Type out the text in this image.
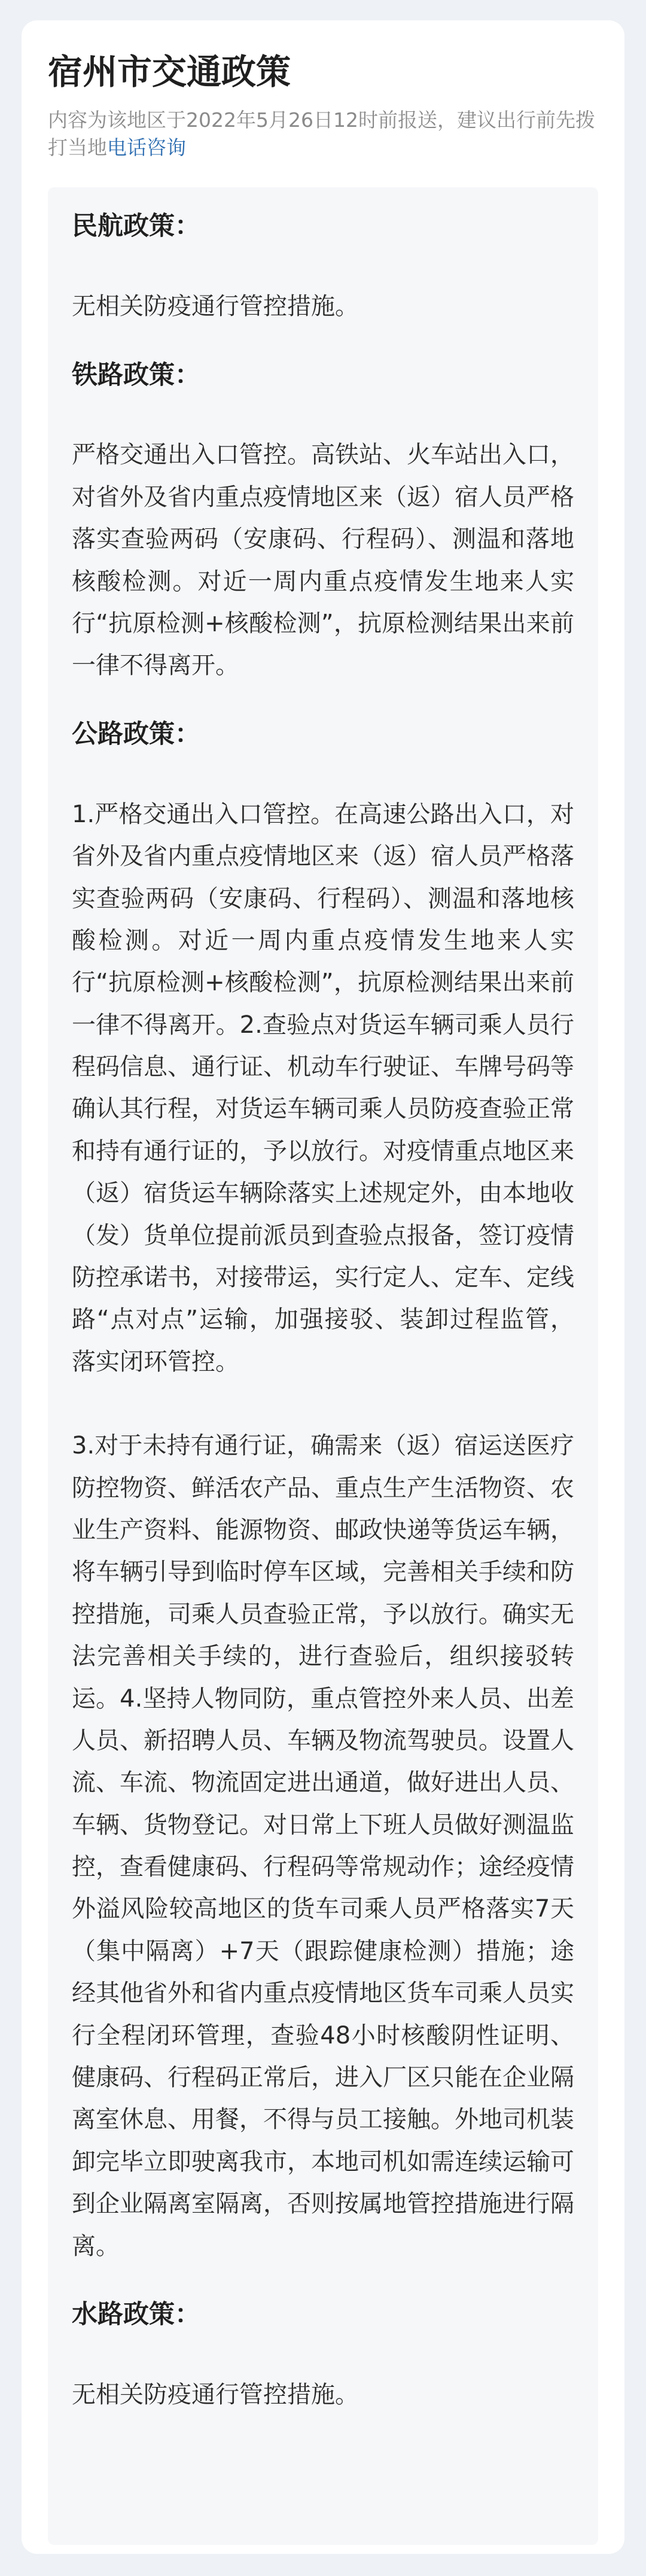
宿州市交通政策
内容为该地区于2022年5月26日12时前报送，建议出行前先拨打当地电话咨询
民航政策：

无相关防疫通行管控措施。

铁路政策：

严格交通出入口管控。高铁站、火车站出入口，对省外及省内重点疫情地区来（返）宿人员严格落实查验两码（安康码、行程码）、测温和落地核酸检测。对近一周内重点疫情发生地来人实行“抗原检测+核酸检测”，抗原检测结果出来前一律不得离开。

公路政策：

1.严格交通出入口管控。在高速公路出入口，对省外及省内重点疫情地区来（返）宿人员严格落实查验两码（安康码、行程码）、测温和落地核酸检测。对近一周内重点疫情发生地来人实行“抗原检测+核酸检测”，抗原检测结果出来前一律不得离开。2.查验点对货运车辆司乘人员行程码信息、通行证、机动车行驶证、车牌号码等确认其行程，对货运车辆司乘人员防疫查验正常和持有通行证的，予以放行。对疫情重点地区来（返）宿货运车辆除落实上述规定外，由本地收（发）货单位提前派员到查验点报备，签订疫情防控承诺书，对接带运，实行定人、定车、定线路“点对点”运输，加强接驳、装卸过程监管，落实闭环管控。

3.对于未持有通行证，确需来（返）宿运送医疗防控物资、鲜活农产品、重点生产生活物资、农业生产资料、能源物资、邮政快递等货运车辆，将车辆引导到临时停车区域，完善相关手续和防控措施，司乘人员查验正常，予以放行。确实无法完善相关手续的，进行查验后，组织接驳转运。4.坚持人物同防，重点管控外来人员、出差人员、新招聘人员、车辆及物流驾驶员。设置人流、车流、物流固定进出通道，做好进出人员、车辆、货物登记。对日常上下班人员做好测温监控，查看健康码、行程码等常规动作；途经疫情外溢风险较高地区的货车司乘人员严格落实7天（集中隔离）+7天（跟踪健康检测）措施；途经其他省外和省内重点疫情地区货车司乘人员实行全程闭环管理，查验48小时核酸阴性证明、健康码、行程码正常后，进入厂区只能在企业隔离室休息、用餐，不得与员工接触。外地司机装卸完毕立即驶离我市，本地司机如需连续运输可到企业隔离室隔离，否则按属地管控措施进行隔离。

水路政策：

无相关防疫通行管控措施。
